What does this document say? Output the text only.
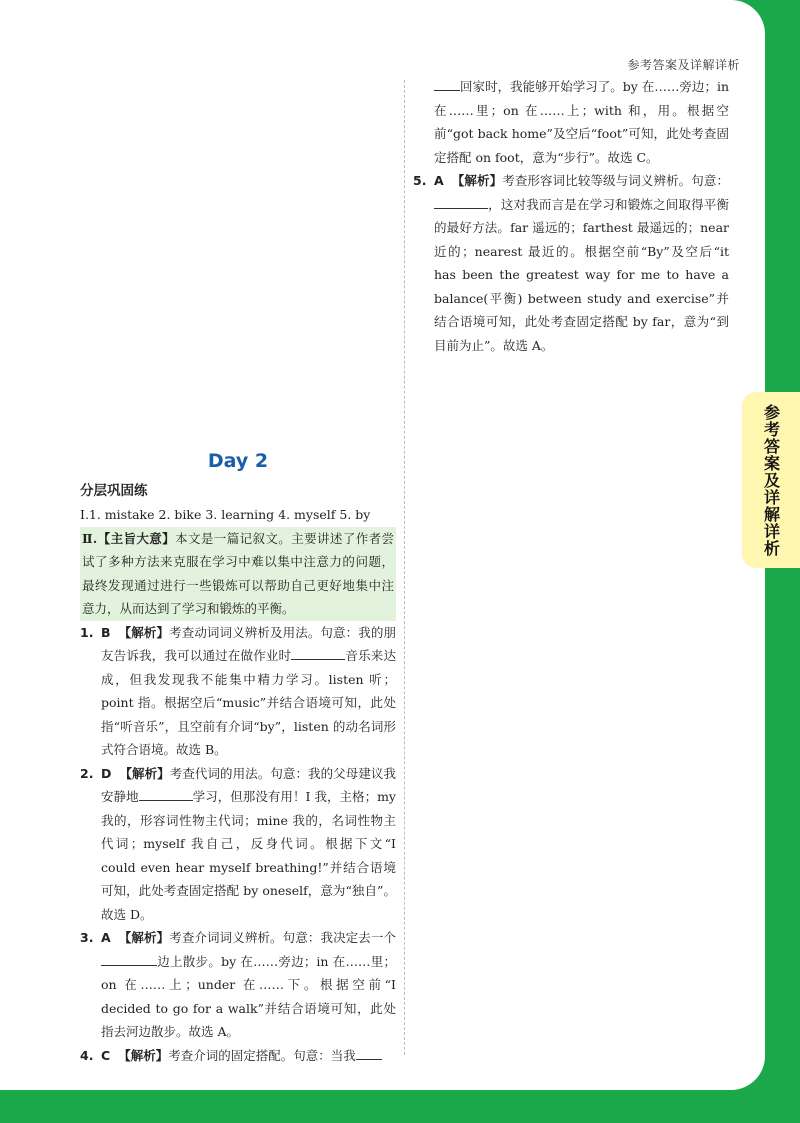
参考答案及详解详析
参考答案及详解详析
Day 2
分层巩固练
Ⅰ.1. mistake 2. bike 3. learning 4. myself 5. by
Ⅱ.【主旨大意】本文是一篇记叙文。主要讲述了作者尝试了多种方法来克服在学习中难以集中注意力的问题，最终发现通过进行一些锻炼可以帮助自己更好地集中注意力，从而达到了学习和锻炼的平衡。
1. B 【解析】考查动词词义辨析及用法。句意：我的朋友告诉我，我可以通过在做作业时	音乐来达成，但我发现我不能集中精力学习。listen 听；point 指。根据空后“music”并结合语境可知，此处指“听音乐”，且空前有介词“by”，listen 的动名词形式符合语境。故选 B。
2. D 【解析】考查代词的用法。句意：我的父母建议我安静地	学习，但那没有用！I 我，主格；my 我的，形容词性物主代词；mine 我的，名词性物主代词；myself 我自己，反身代词。根据下文“I could even hear myself breathing!”并结合语境可知，此处考查固定搭配 by oneself，意为“独自”。故选 D。
3. A 【解析】考查介词词义辨析。句意：我决定去一个边上散步。by 在……旁边；in 在……里；on 在……上；under 在……下。根据空前“I decided to go for a walk”并结合语境可知，此处指去河边散步。故选 A。
4. C 【解析】考查介词的固定搭配。句意：当我
回家时，我能够开始学习了。by 在……旁边；in 在……里；on 在……上；with 和，用。根据空前“got back home”及空后“foot”可知，此处考查固定搭配 on foot，意为“步行”。故选 C。
5. A 【解析】考查形容词比较等级与词义辨析。句意：，这对我而言是在学习和锻炼之间取得平衡的最好方法。far 遥远的；farthest 最遥远的；near 近的；nearest 最近的。根据空前“By”及空后“it has been the greatest way for me to have a balance(平衡) between study and exercise”并结合语境可知，此处考查固定搭配 by far，意为“到目前为止”。故选 A。
